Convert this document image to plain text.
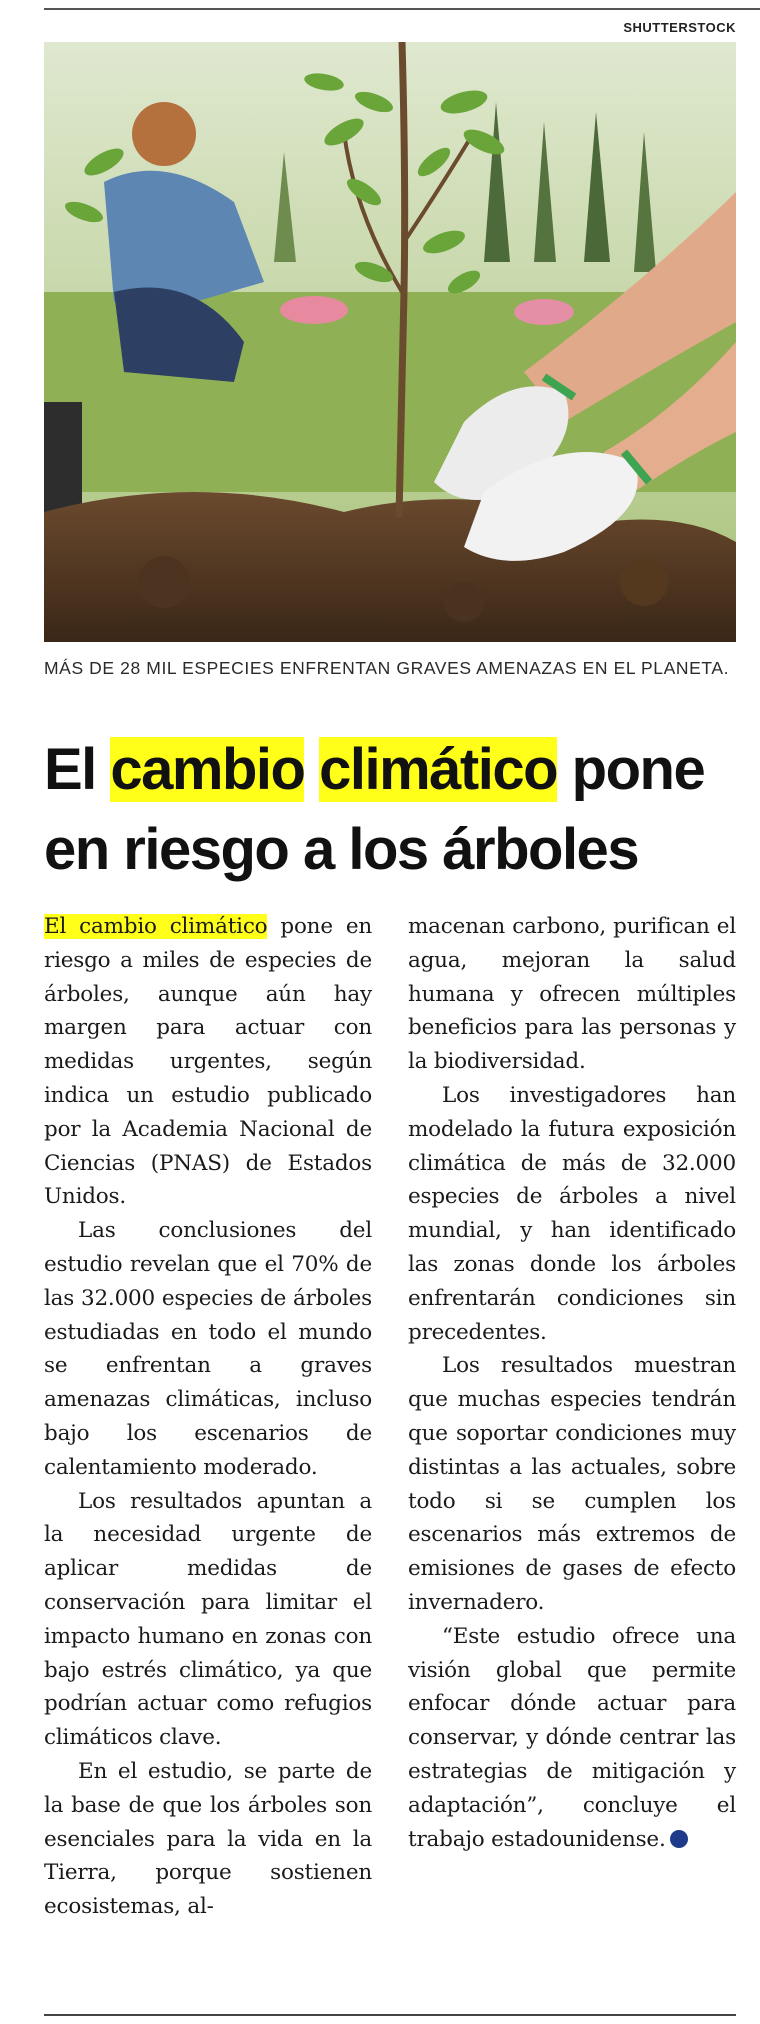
SHUTTERSTOCK
MÁS DE 28 MIL ESPECIES ENFRENTAN GRAVES AMENAZAS EN EL PLANETA.
El cambio climático pone en riesgo a los árboles

El cambio climático pone en riesgo a miles de especies de árboles, aunque aún hay margen para actuar con medidas urgentes, según indica un estudio publicado por la Academia Nacional de Ciencias (PNAS) de Estados Unidos.

Las conclusiones del estudio revelan que el 70% de las 32.000 especies de árboles estudiadas en todo el mundo se enfrentan a graves amenazas climáticas, incluso bajo los escenarios de calentamiento moderado.

Los resultados apuntan a la necesidad urgente de aplicar medidas de conservación para limitar el impacto humano en zonas con bajo estrés climático, ya que podrían actuar como refugios climáticos clave.

En el estudio, se parte de la base de que los árboles son esenciales para la vida en la Tierra, porque sostienen ecosistemas, al-

macenan carbono, purifican el agua, mejoran la salud humana y ofrecen múltiples beneficios para las personas y la biodiversidad.

Los investigadores han modelado la futura exposición climática de más de 32.000 especies de árboles a nivel mundial, y han identificado las zonas donde los árboles enfrentarán condiciones sin precedentes.

Los resultados muestran que muchas especies tendrán que soportar condiciones muy distintas a las actuales, sobre todo si se cumplen los escenarios más extremos de emisiones de gases de efecto invernadero.

“Este estudio ofrece una visión global que permite enfocar dónde actuar para conservar, y dónde centrar las estrategias de mitigación y adaptación”, concluye el trabajo estadounidense.✪
